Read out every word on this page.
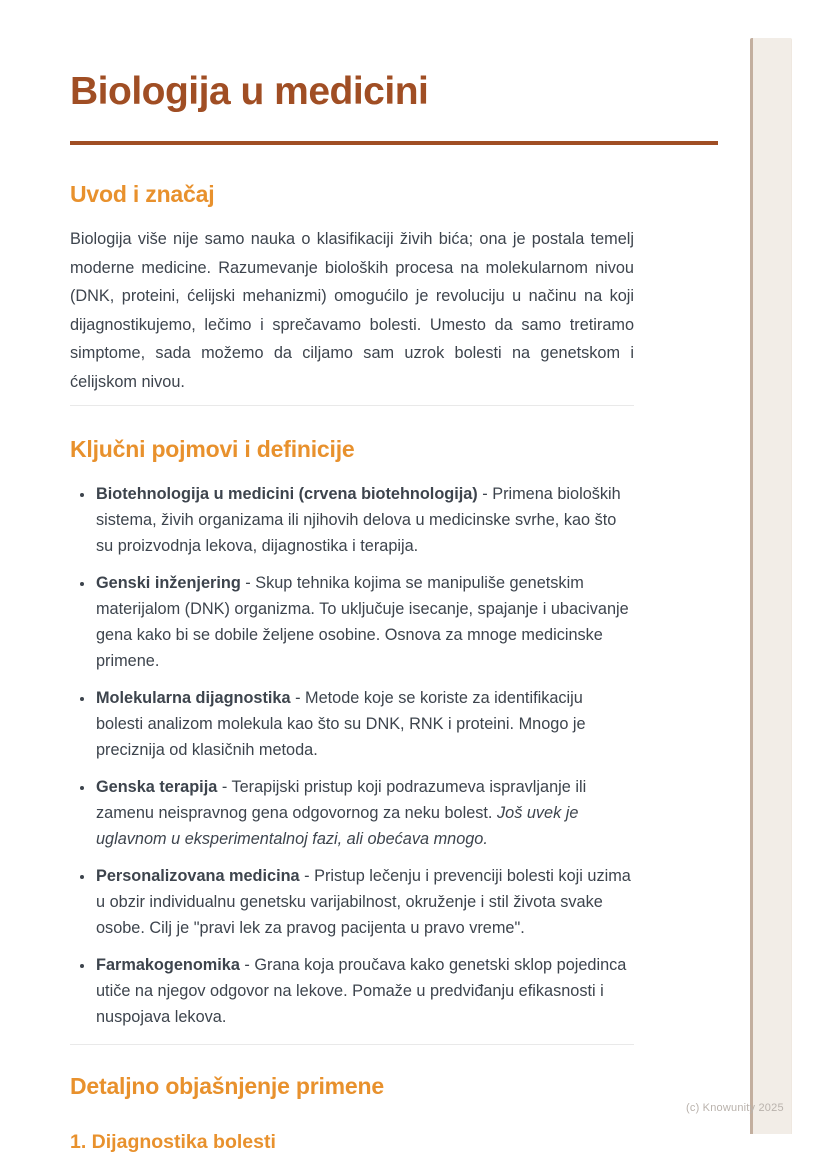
Biologija u medicini
Uvod i značaj

Biologija više nije samo nauka o klasifikaciji živih bića; ona je postala temelj moderne medicine. Razumevanje bioloških procesa na molekularnom nivou (DNK, proteini, ćelijski mehanizmi) omogućilo je revoluciju u načinu na koji dijagnostikujemo, lečimo i sprečavamo bolesti. Umesto da samo tretiramo simptome, sada možemo da ciljamo sam uzrok bolesti na genetskom i ćelijskom nivou.

Ključni pojmovi i definicije
• Biotehnologija u medicini (crvena biotehnologija) - Primena bioloških sistema, živih organizama ili njihovih delova u medicinske svrhe, kao što su proizvodnja lekova, dijagnostika i terapija.
• Genski inženjering - Skup tehnika kojima se manipuliše genetskim materijalom (DNK) organizma. To uključuje isecanje, spajanje i ubacivanje gena kako bi se dobile željene osobine. Osnova za mnoge medicinske primene.
• Molekularna dijagnostika - Metode koje se koriste za identifikaciju bolesti analizom molekula kao što su DNK, RNK i proteini. Mnogo je preciznija od klasičnih metoda.
• Genska terapija - Terapijski pristup koji podrazumeva ispravljanje ili zamenu neispravnog gena odgovornog za neku bolest. Još uvek je uglavnom u eksperimentalnoj fazi, ali obećava mnogo.
• Personalizovana medicina - Pristup lečenju i prevenciji bolesti koji uzima u obzir individualnu genetsku varijabilnost, okruženje i stil života svake osobe. Cilj je "pravi lek za pravog pacijenta u pravo vreme".
• Farmakogenomika - Grana koja proučava kako genetski sklop pojedinca utiče na njegov odgovor na lekove. Pomaže u predviđanju efikasnosti i nuspojava lekova.
Detaljno objašnjenje primene
1. Dijagnostika bolesti
(c) Knowunity 2025
